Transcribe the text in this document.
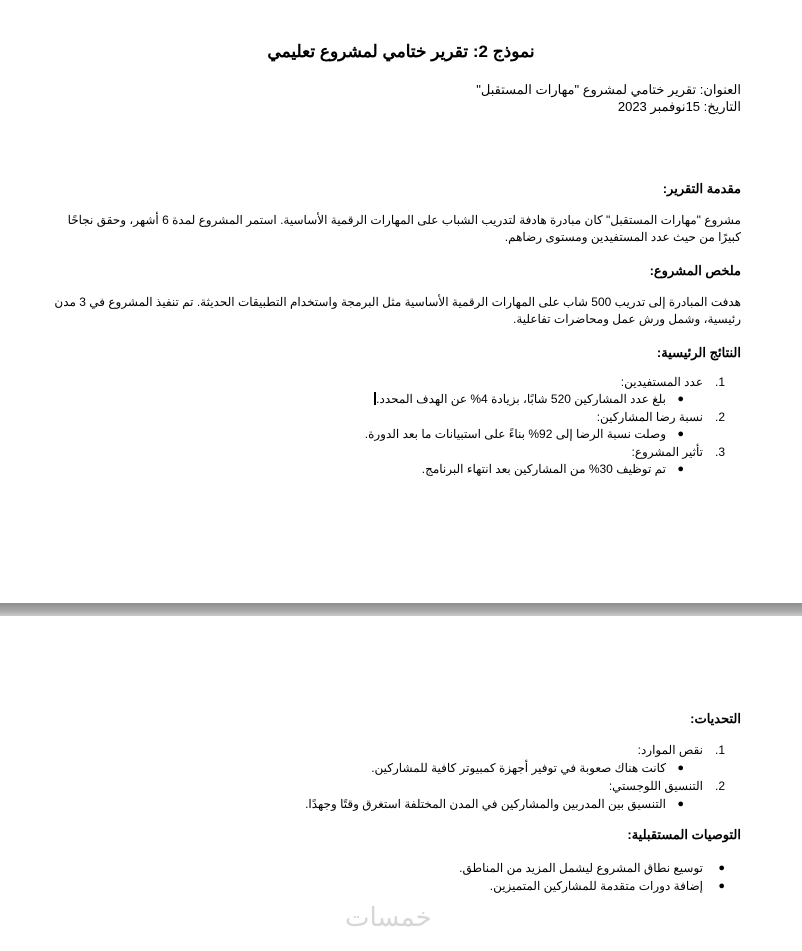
نموذج 2: تقرير ختامي لمشروع تعليمي
العنوان: تقرير ختامي لمشروع "مهارات المستقبل"
التاريخ: 15نوفمبر 2023
مقدمة التقرير:
مشروع "مهارات المستقبل" كان مبادرة هادفة لتدريب الشباب على المهارات الرقمية الأساسية. استمر المشروع لمدة 6 أشهر، وحقق نجاحًا كبيرًا من حيث عدد المستفيدين ومستوى رضاهم.
ملخص المشروع:
هدفت المبادرة إلى تدريب 500 شاب على المهارات الرقمية الأساسية مثل البرمجة واستخدام التطبيقات الحديثة. تم تنفيذ المشروع في 3 مدن رئيسية، وشمل ورش عمل ومحاضرات تفاعلية.
النتائج الرئيسية:
1.
عدد المستفيدين:
●
بلغ عدد المشاركين 520 شابًا، بزيادة 4% عن الهدف المحدد.
2.
نسبة رضا المشاركين:
●
وصلت نسبة الرضا إلى 92% بناءً على استبيانات ما بعد الدورة.
3.
تأثير المشروع:
●
تم توظيف 30% من المشاركين بعد انتهاء البرنامج.
التحديات:
1.
نقص الموارد:
●
كانت هناك صعوبة في توفير أجهزة كمبيوتر كافية للمشاركين.
2.
التنسيق اللوجستي:
●
التنسيق بين المدربين والمشاركين في المدن المختلفة استغرق وقتًا وجهدًا.
التوصيات المستقبلية:
●
توسيع نطاق المشروع ليشمل المزيد من المناطق.
●
إضافة دورات متقدمة للمشاركين المتميزين.
خمسات
